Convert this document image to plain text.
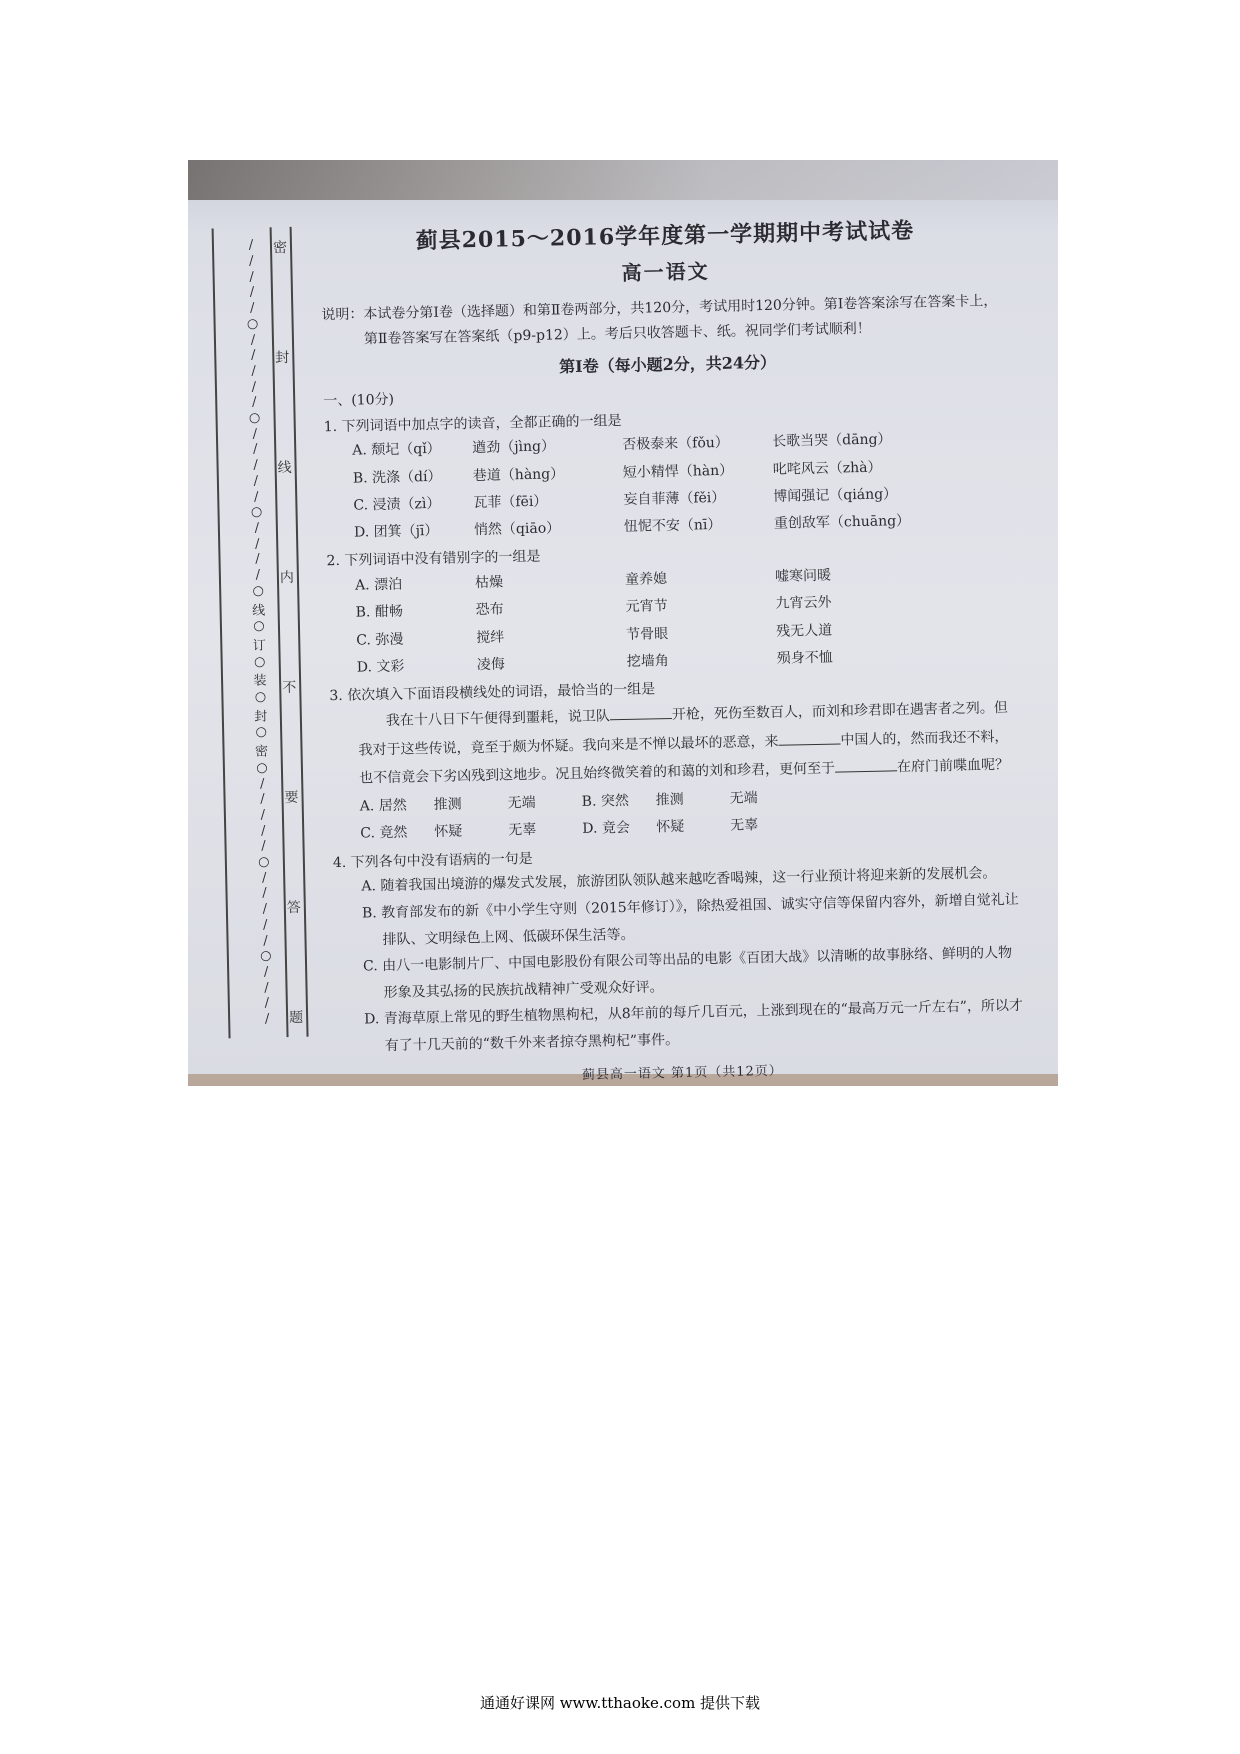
密
封
线
内
不
要
答
题
/
/
/
/
/
○
/
/
/
/
/
○
/
/
/
/
/
○
/
/
/
/
○
线
○
订
○
装
○
封
○
密
○
/
/
/
/
/
○
/
/
/
/
/
○
/
/
/
/
蓟县2015～2016学年度第一学期期中考试试卷
高一语文
说明：本试卷分第Ⅰ卷（选择题）和第Ⅱ卷两部分，共120分，考试用时120分钟。第Ⅰ卷答案涂写在答案卡上，第Ⅱ卷答案写在答案纸（p9-p12）上。考后只收答题卡、纸。祝同学们考试顺利！
第Ⅰ卷（每小题2分，共24分）
一、(10分)
1. 下列词语中加点字的读音，全都正确的一组是
A. 颓圮（qǐ）	遒劲（jìng）	否极泰来（fǒu）	长歌当哭（dāng）
B. 洗涤（dí）	巷道（hàng）	短小精悍（hàn）	叱咤风云（zhà）
C. 浸渍（zì）	瓦菲（fēi）	妄自菲薄（fěi）	博闻强记（qiáng）
D. 团箕（jī）	悄然（qiāo）	忸怩不安（nī）	重创敌军（chuāng）
2. 下列词语中没有错别字的一组是
A. 漂泊	枯燥	童养媳	嘘寒问暖
B. 酣畅	恐布	元宵节	九宵云外
C. 弥漫	搅绊	节骨眼	残无人道
D. 文彩	凌侮	挖墙角	殒身不恤
3. 依次填入下面语段横线处的词语，最恰当的一组是
我在十八日下午便得到噩耗，说卫队	开枪，死伤至数百人，而刘和珍君即在遇害者之列。但我对于这些传说，竟至于颇为怀疑。我向来是不惮以最坏的恶意，来	中国人的，然而我还不料，也不信竟会下劣凶残到这地步。况且始终微笑着的和蔼的刘和珍君，更何至于	在府门前喋血呢？
A. 居然	推测	无端	B. 突然	推测	无端
C. 竟然	怀疑	无辜	D. 竟会	怀疑	无辜
4. 下列各句中没有语病的一句是
A. 随着我国出境游的爆发式发展，旅游团队领队越来越吃香喝辣，这一行业预计将迎来新的发展机会。
B. 教育部发布的新《中小学生守则（2015年修订）》，除热爱祖国、诚实守信等保留内容外，新增自觉礼让排队、文明绿色上网、低碳环保生活等。
C. 由八一电影制片厂、中国电影股份有限公司等出品的电影《百团大战》以清晰的故事脉络、鲜明的人物形象及其弘扬的民族抗战精神广受观众好评。
D. 青海草原上常见的野生植物黑枸杞，从8年前的每斤几百元，上涨到现在的“最高万元一斤左右”，所以才有了十几天前的“数千外来者掠夺黑枸杞”事件。
蓟县高一语文 第1页（共12页）
通通好课网 www.tthaoke.com 提供下载
